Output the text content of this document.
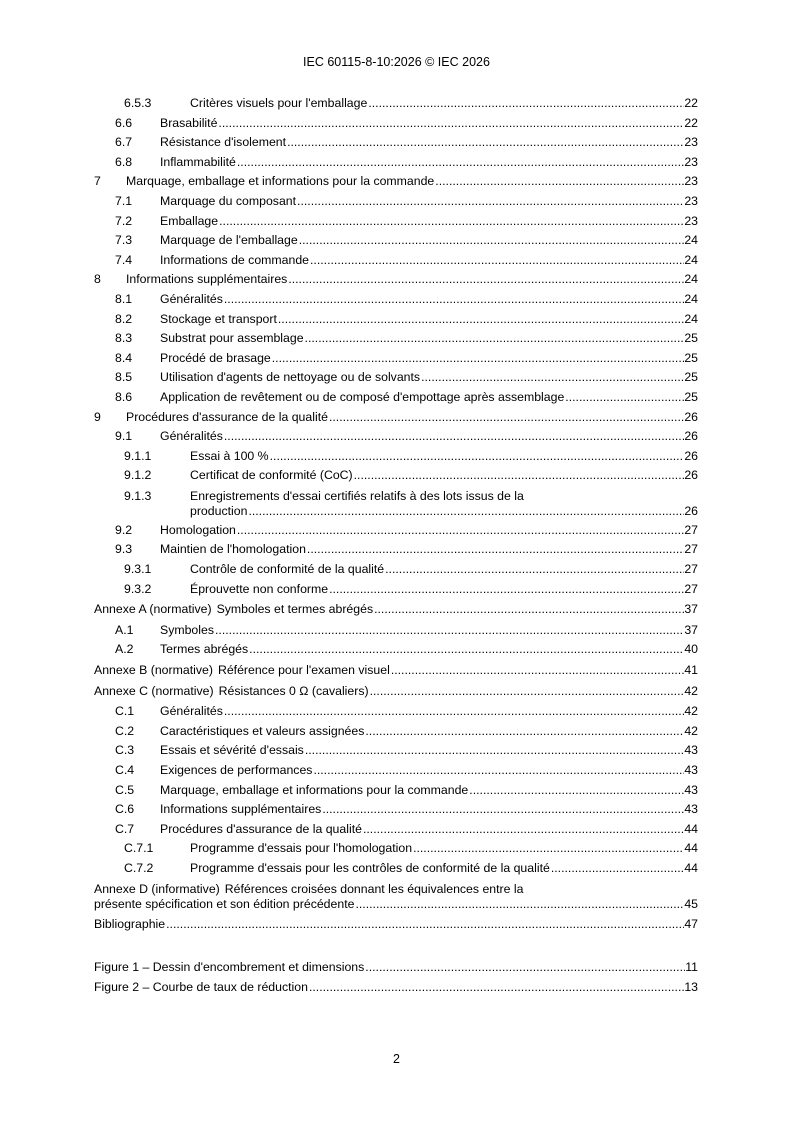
IEC 60115-8-10:2026 © IEC 2026
6.5.3	Critères visuels pour l'emballage .....	22
6.6	Brasabilité .....	22
6.7	Résistance d'isolement .....	23
6.8	Inflammabilité .....	23
7	Marquage, emballage et informations pour la commande .....	23
7.1	Marquage du composant .....	23
7.2	Emballage .....	23
7.3	Marquage de l'emballage .....	24
7.4	Informations de commande .....	24
8	Informations supplémentaires .....	24
8.1	Généralités .....	24
8.2	Stockage et transport .....	24
8.3	Substrat pour assemblage .....	25
8.4	Procédé de brasage .....	25
8.5	Utilisation d'agents de nettoyage ou de solvants .....	25
8.6	Application de revêtement ou de composé d'empottage après assemblage .....	25
9	Procédures d'assurance de la qualité .....	26
9.1	Généralités .....	26
9.1.1	Essai à 100 % .....	26
9.1.2	Certificat de conformité (CoC) .....	26
9.1.3	Enregistrements d'essai certifiés relatifs à des lots issus de la
production .....	26
9.2	Homologation .....	27
9.3	Maintien de l'homologation .....	27
9.3.1	Contrôle de conformité de la qualité .....	27
9.3.2	Éprouvette non conforme .....	27
Annexe A (normative) Symboles et termes abrégés .....	37
A.1	Symboles .....	37
A.2	Termes abrégés .....	40
Annexe B (normative) Référence pour l'examen visuel .....	41
Annexe C (normative) Résistances 0 Ω (cavaliers) .....	42
C.1	Généralités .....	42
C.2	Caractéristiques et valeurs assignées .....	42
C.3	Essais et sévérité d'essais .....	43
C.4	Exigences de performances .....	43
C.5	Marquage, emballage et informations pour la commande .....	43
C.6	Informations supplémentaires .....	43
C.7	Procédures d'assurance de la qualité .....	44
C.7.1	Programme d'essais pour l'homologation .....	44
C.7.2	Programme d'essais pour les contrôles de conformité de la qualité .....	44
Annexe D (informative) Références croisées donnant les équivalences entre la
présente spécification et son édition précédente .....	45
Bibliographie .....	47
Figure 1 – Dessin d'encombrement et dimensions .....	11
Figure 2 – Courbe de taux de réduction .....	13
2
